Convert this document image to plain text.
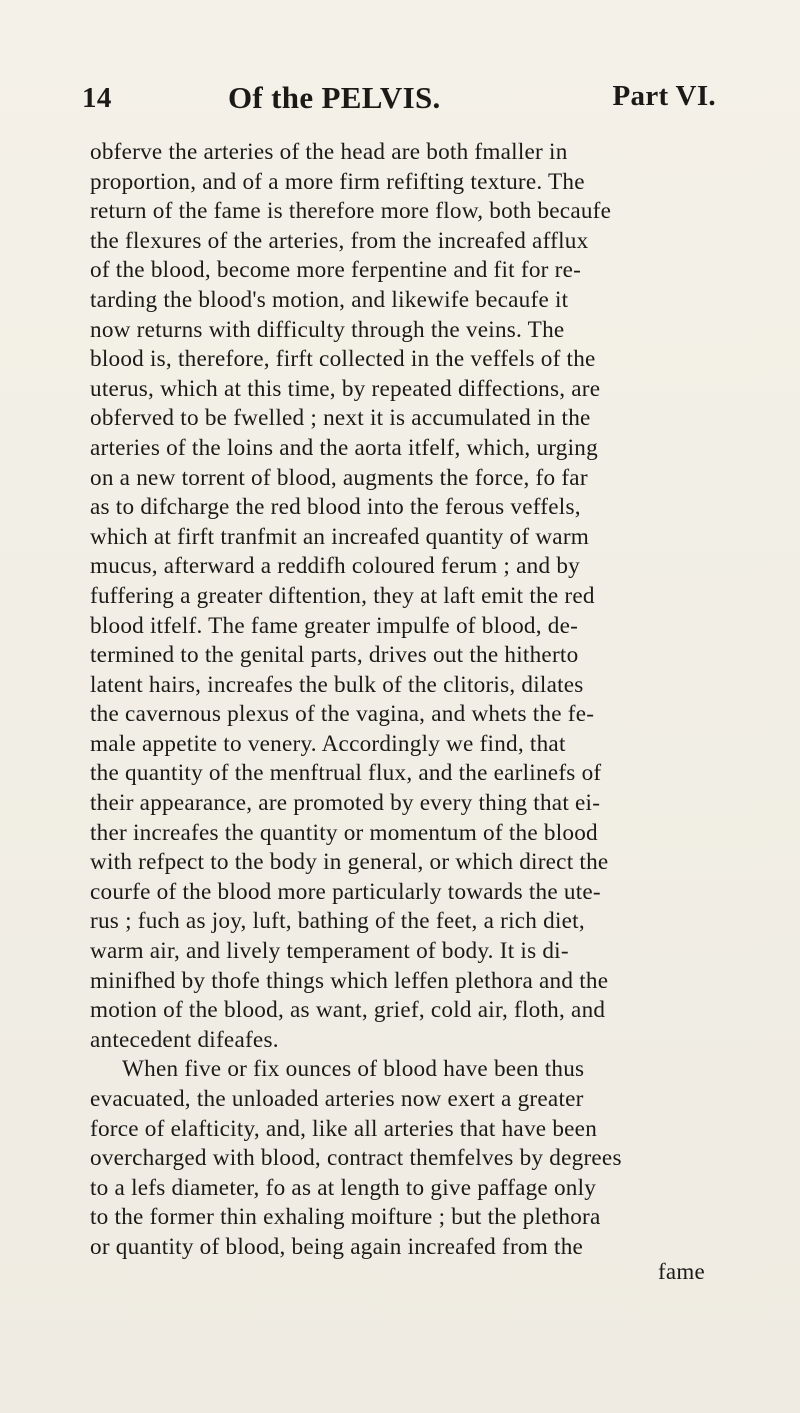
14	Of the PELVIS.	Part VI.
obferve the arteries of the head are both fmaller in
proportion, and of a more firm refifting texture. The
return of the fame is therefore more flow, both becaufe
the flexures of the arteries, from the increafed afflux
of the blood, become more ferpentine and fit for re-
tarding the blood's motion, and likewife becaufe it
now returns with difficulty through the veins. The
blood is, therefore, firft collected in the veffels of the
uterus, which at this time, by repeated diffections, are
obferved to be fwelled ; next it is accumulated in the
arteries of the loins and the aorta itfelf, which, urging
on a new torrent of blood, augments the force, fo far
as to difcharge the red blood into the ferous veffels,
which at firft tranfmit an increafed quantity of warm
mucus, afterward a reddifh coloured ferum ; and by
fuffering a greater diftention, they at laft emit the red
blood itfelf. The fame greater impulfe of blood, de-
termined to the genital parts, drives out the hitherto
latent hairs, increafes the bulk of the clitoris, dilates
the cavernous plexus of the vagina, and whets the fe-
male appetite to venery. Accordingly we find, that
the quantity of the menftrual flux, and the earlinefs of
their appearance, are promoted by every thing that ei-
ther increafes the quantity or momentum of the blood
with refpect to the body in general, or which direct the
courfe of the blood more particularly towards the ute-
rus ; fuch as joy, luft, bathing of the feet, a rich diet,
warm air, and lively temperament of body. It is di-
minifhed by thofe things which leffen plethora and the
motion of the blood, as want, grief, cold air, floth, and
antecedent difeafes.
When five or fix ounces of blood have been thus
evacuated, the unloaded arteries now exert a greater
force of elafticity, and, like all arteries that have been
overcharged with blood, contract themfelves by degrees
to a lefs diameter, fo as at length to give paffage only
to the former thin exhaling moifture ; but the plethora
or quantity of blood, being again increafed from the
fame
